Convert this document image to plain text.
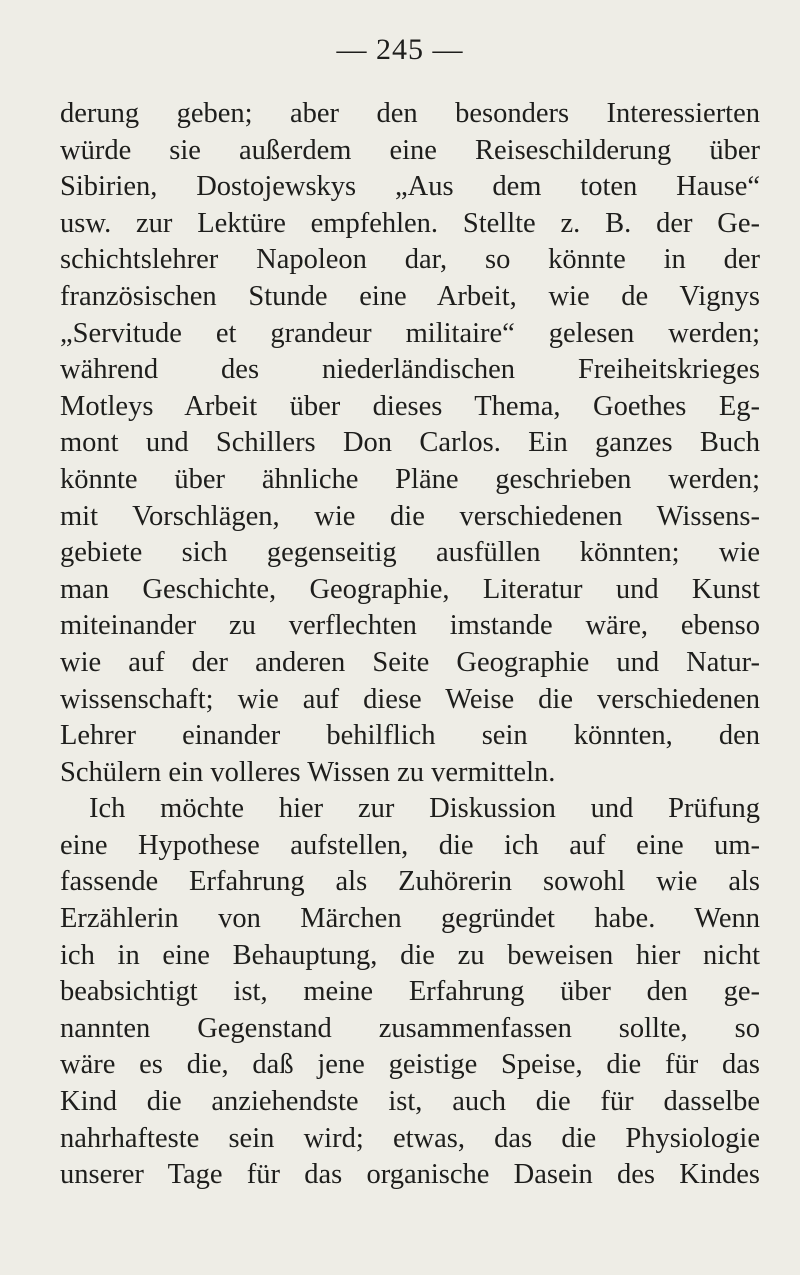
— 245 —
derung geben; aber den besonders Interessierten
würde sie außerdem eine Reiseschilderung über
Sibirien, Dostojewskys „Aus dem toten Hause“
usw. zur Lektüre empfehlen. Stellte z. B. der Ge-
schichtslehrer Napoleon dar, so könnte in der
französischen Stunde eine Arbeit, wie de Vignys
„Servitude et grandeur militaire“ gelesen werden;
während des niederländischen Freiheitskrieges
Motleys Arbeit über dieses Thema, Goethes Eg-
mont und Schillers Don Carlos. Ein ganzes Buch
könnte über ähnliche Pläne geschrieben werden;
mit Vorschlägen, wie die verschiedenen Wissens-
gebiete sich gegenseitig ausfüllen könnten; wie
man Geschichte, Geographie, Literatur und Kunst
miteinander zu verflechten imstande wäre, ebenso
wie auf der anderen Seite Geographie und Natur-
wissenschaft; wie auf diese Weise die verschiedenen
Lehrer einander behilflich sein könnten, den
Schülern ein volleres Wissen zu vermitteln.
Ich möchte hier zur Diskussion und Prüfung
eine Hypothese aufstellen, die ich auf eine um-
fassende Erfahrung als Zuhörerin sowohl wie als
Erzählerin von Märchen gegründet habe. Wenn
ich in eine Behauptung, die zu beweisen hier nicht
beabsichtigt ist, meine Erfahrung über den ge-
nannten Gegenstand zusammenfassen sollte, so
wäre es die, daß jene geistige Speise, die für das
Kind die anziehendste ist, auch die für dasselbe
nahrhafteste sein wird; etwas, das die Physiologie
unserer Tage für das organische Dasein des Kindes
